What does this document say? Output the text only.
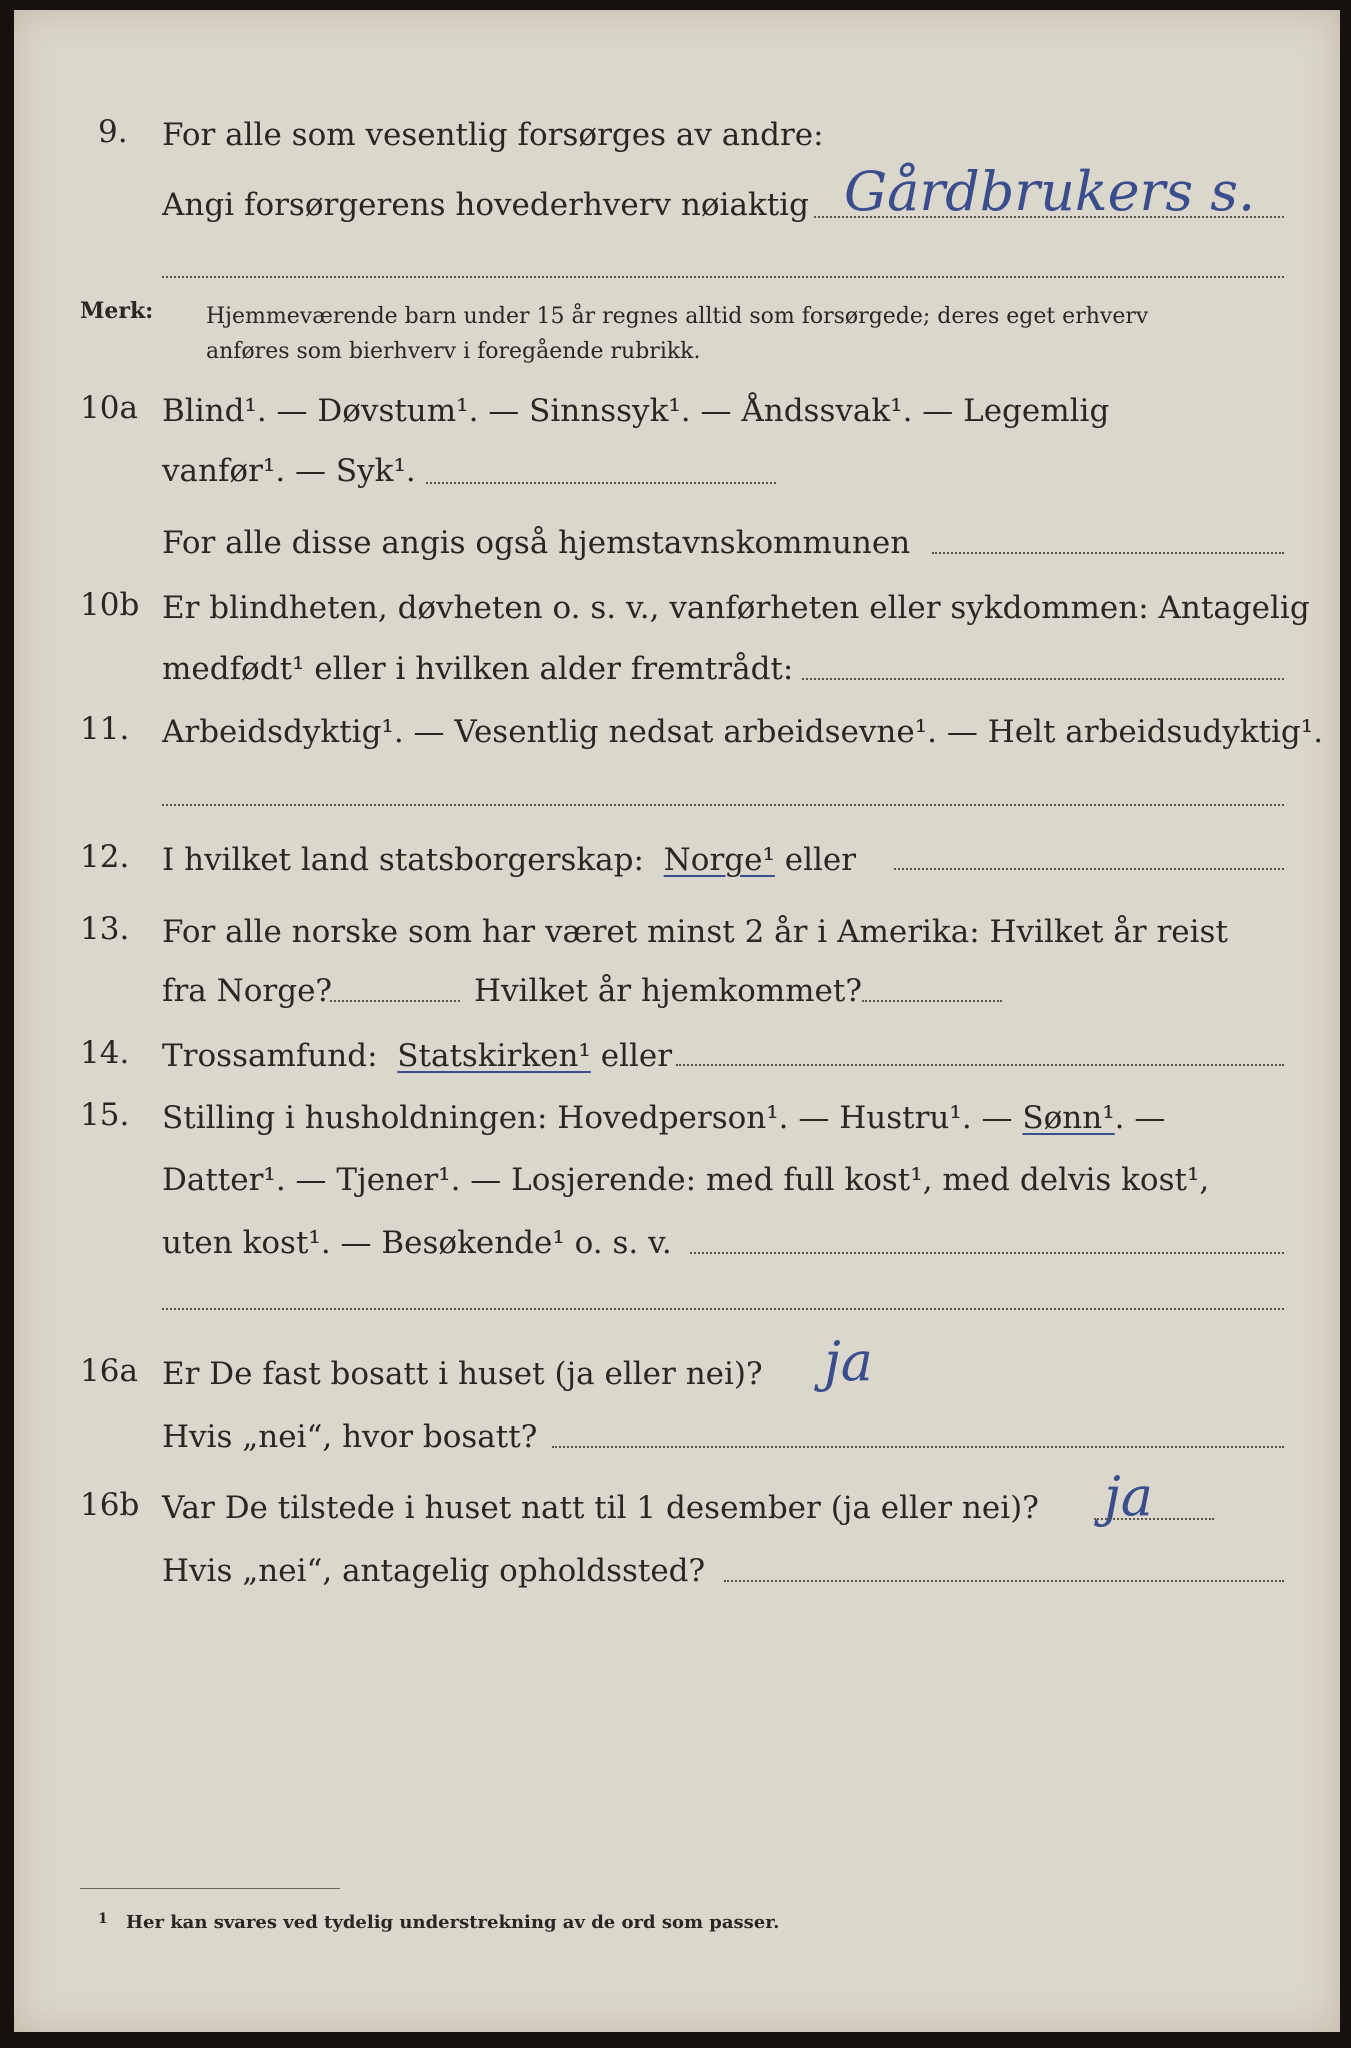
9. For alle som vesentlig forsørges av andre:
Angi forsørgerens hovederhverv nøiaktig Gårdbrukers s.
Merk: Hjemmeværende barn under 15 år regnes alltid som forsørgede; deres eget erhverv
anføres som bierhverv i foregående rubrikk.
10a Blind¹. — Døvstum¹. — Sinnssyk¹. — Åndssvak¹. — Legemlig
vanfør¹. — Syk¹.
For alle disse angis også hjemstavnskommunen
10b Er blindheten, døvheten o. s. v., vanførheten eller sykdommen: Antagelig
medfødt¹ eller i hvilken alder fremtrådt:
11. Arbeidsdyktig¹. — Vesentlig nedsat arbeidsevne¹. — Helt arbeidsudyktig¹.
12. I hvilket land statsborgerskap: Norge¹ eller
13. For alle norske som har været minst 2 år i Amerika: Hvilket år reist
fra Norge?	Hvilket år hjemkommet?
14. Trossamfund: Statskirken¹ eller
15. Stilling i husholdningen: Hovedperson¹. — Hustru¹. — Sønn¹. —
Datter¹. — Tjener¹. — Losjerende: med full kost¹, med delvis kost¹,
uten kost¹. — Besøkende¹ o. s. v.
16a Er De fast bosatt i huset (ja eller nei)? ja
Hvis „nei“, hvor bosatt?
16b Var De tilstede i huset natt til 1 desember (ja eller nei)? ja
Hvis „nei“, antagelig opholdssted?
1 Her kan svares ved tydelig understrekning av de ord som passer.
